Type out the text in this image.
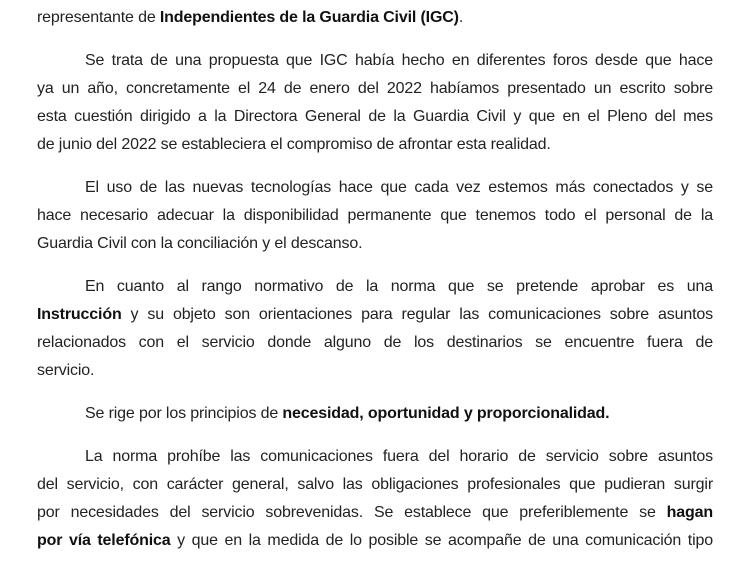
representante de Independientes de la Guardia Civil (IGC).
Se trata de una propuesta que IGC había hecho en diferentes foros desde que hace
ya un año, concretamente el 24 de enero del 2022 habíamos presentado un escrito sobre
esta cuestión dirigido a la Directora General de la Guardia Civil y que en el Pleno del mes
de junio del 2022 se estableciera el compromiso de afrontar esta realidad.
El uso de las nuevas tecnologías hace que cada vez estemos más conectados y se
hace necesario adecuar la disponibilidad permanente que tenemos todo el personal de la
Guardia Civil con la conciliación y el descanso.
En cuanto al rango normativo de la norma que se pretende aprobar es una
Instrucción y su objeto son orientaciones para regular las comunicaciones sobre asuntos
relacionados con el servicio donde alguno de los destinarios se encuentre fuera de
servicio.
Se rige por los principios de necesidad, oportunidad y proporcionalidad.
La norma prohíbe las comunicaciones fuera del horario de servicio sobre asuntos
del servicio, con carácter general, salvo las obligaciones profesionales que pudieran surgir
por necesidades del servicio sobrevenidas. Se establece que preferiblemente se hagan
por vía telefónica y que en la medida de lo posible se acompañe de una comunicación tipo
